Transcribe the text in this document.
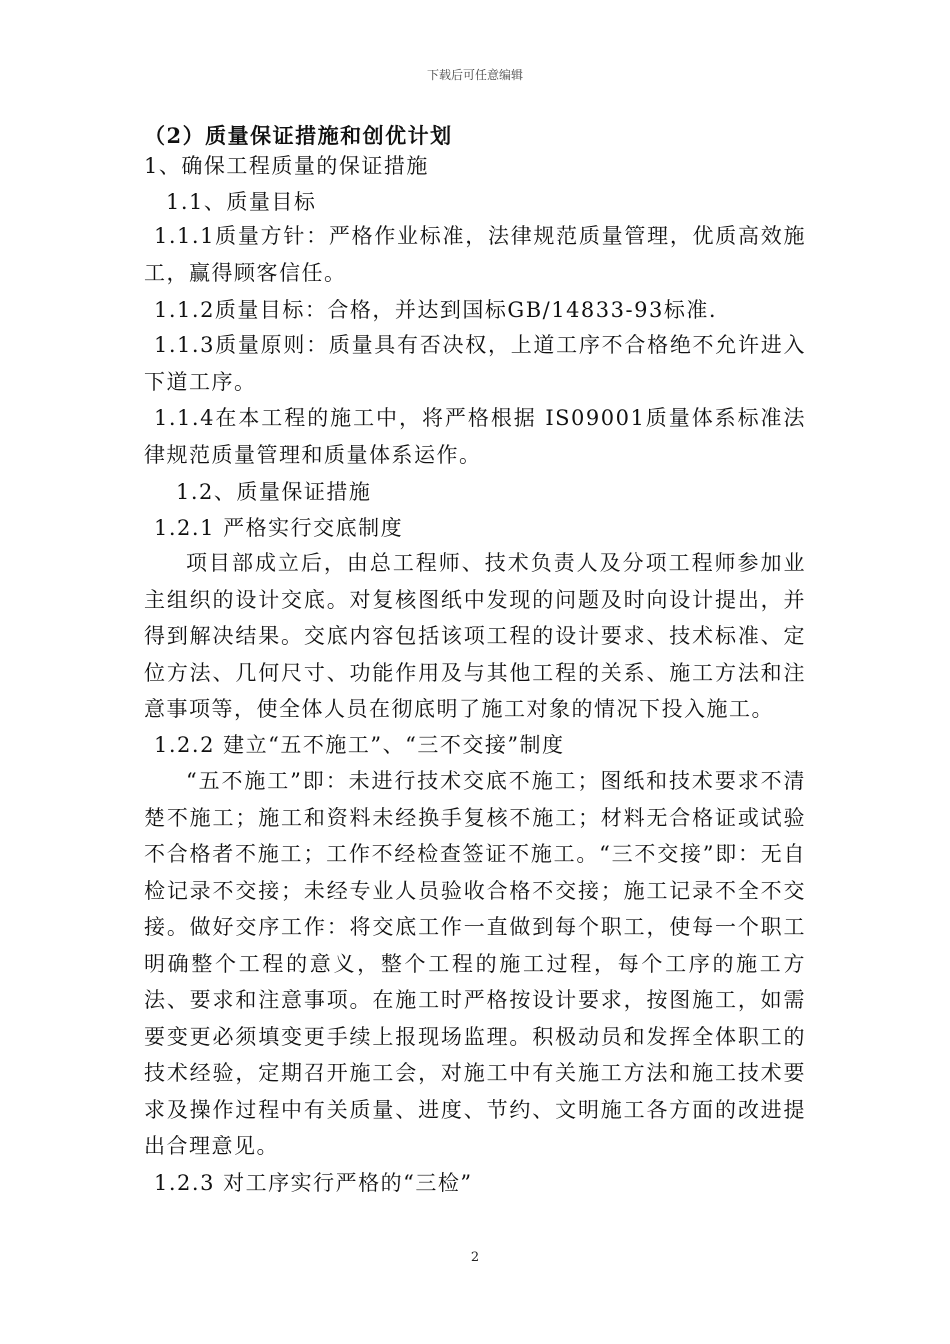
下载后可任意编辑
（2）质量保证措施和创优计划
1、确保工程质量的保证措施
1.1、质量目标
1.1.1质量方针：严格作业标准，法律规范质量管理，优质高效施工，赢得顾客信任。
1.1.2质量目标：合格，并达到国标GB/14833-93标准.
1.1.3质量原则：质量具有否决权，上道工序不合格绝不允许进入下道工序。
1.1.4在本工程的施工中，将严格根据 IS09001质量体系标准法律规范质量管理和质量体系运作。
1.2、质量保证措施
1.2.1 严格实行交底制度
项目部成立后，由总工程师、技术负责人及分项工程师参加业主组织的设计交底。对复核图纸中发现的问题及时向设计提出，并得到解决结果。交底内容包括该项工程的设计要求、技术标准、定位方法、几何尺寸、功能作用及与其他工程的关系、施工方法和注意事项等，使全体人员在彻底明了施工对象的情况下投入施工。
1.2.2 建立“五不施工”、“三不交接”制度
“五不施工”即：未进行技术交底不施工；图纸和技术要求不清楚不施工；施工和资料未经换手复核不施工；材料无合格证或试验不合格者不施工；工作不经检查签证不施工。“三不交接”即：无自检记录不交接；未经专业人员验收合格不交接；施工记录不全不交接。做好交序工作：将交底工作一直做到每个职工，使每一个职工明确整个工程的意义，整个工程的施工过程，每个工序的施工方法、要求和注意事项。在施工时严格按设计要求，按图施工，如需要变更必须填变更手续上报现场监理。积极动员和发挥全体职工的技术经验，定期召开施工会，对施工中有关施工方法和施工技术要求及操作过程中有关质量、进度、节约、文明施工各方面的改进提出合理意见。
1.2.3 对工序实行严格的“三检”
2
